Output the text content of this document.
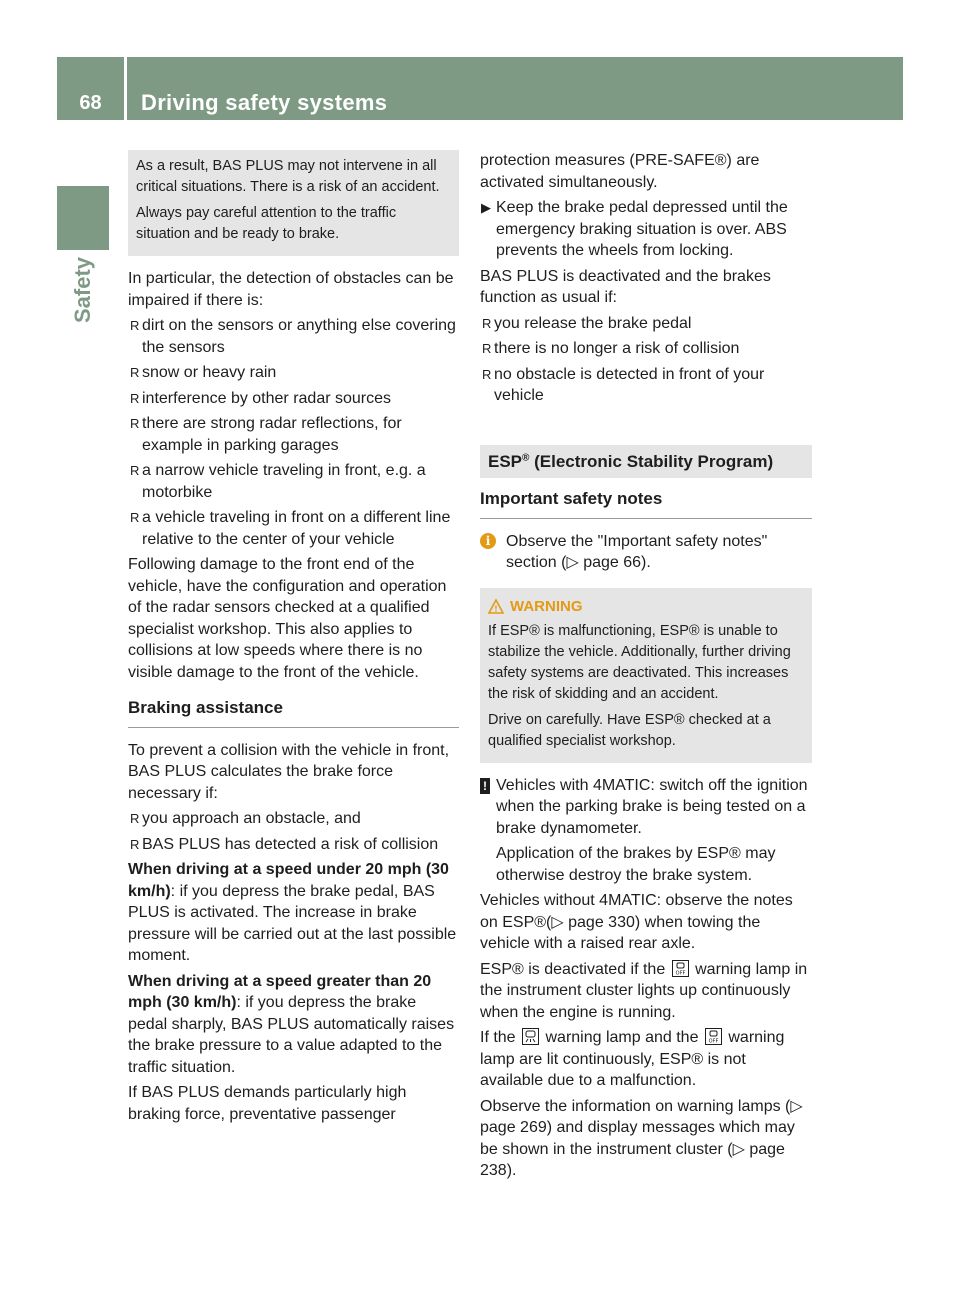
68	Driving safety systems
Safety

As a result, BAS PLUS may not intervene in all critical situations. There is a risk of an accident.

Always pay careful attention to the traffic situation and be ready to brake.

In particular, the detection of obstacles can be impaired if there is:

R dirt on the sensors or anything else covering the sensors
R snow or heavy rain
R interference by other radar sources
R there are strong radar reflections, for example in parking garages
R a narrow vehicle traveling in front, e.g. a motorbike
R a vehicle traveling in front on a different line relative to the center of your vehicle

Following damage to the front end of the vehicle, have the configuration and operation of the radar sensors checked at a qualified specialist workshop. This also applies to collisions at low speeds where there is no visible damage to the front of the vehicle.

Braking assistance

To prevent a collision with the vehicle in front, BAS PLUS calculates the brake force necessary if:

R you approach an obstacle, and
R BAS PLUS has detected a risk of collision

When driving at a speed under 20 mph (30 km/h): if you depress the brake pedal, BAS PLUS is activated. The increase in brake pressure will be carried out at the last possible moment.

When driving at a speed greater than 20 mph (30 km/h): if you depress the brake pedal sharply, BAS PLUS automatically raises the brake pressure to a value adapted to the traffic situation.

If BAS PLUS demands particularly high braking force, preventative passenger

protection measures (PRE-SAFE®) are activated simultaneously.

▶ Keep the brake pedal depressed until the emergency braking situation is over. ABS prevents the wheels from locking.

BAS PLUS is deactivated and the brakes function as usual if:

R you release the brake pedal
R there is no longer a risk of collision
R no obstacle is detected in front of your vehicle
ESP® (Electronic Stability Program)
Important safety notes
i Observe the "Important safety notes" section (▷ page 66).
! WARNING

If ESP® is malfunctioning, ESP® is unable to stabilize the vehicle. Additionally, further driving safety systems are deactivated. This increases the risk of skidding and an accident.

Drive on carefully. Have ESP® checked at a qualified specialist workshop.

! Vehicles with 4MATIC: switch off the ignition when the parking brake is being tested on a brake dynamometer.

Application of the brakes by ESP® may otherwise destroy the brake system.

Vehicles without 4MATIC: observe the notes on ESP®(▷ page 330) when towing the vehicle with a raised rear axle.

ESP® is deactivated if the OFF warning lamp in the instrument cluster lights up continuously when the engine is running.

If the warning lamp and the OFF warning lamp are lit continuously, ESP® is not available due to a malfunction.

Observe the information on warning lamps (▷ page 269) and display messages which may be shown in the instrument cluster (▷ page 238).
